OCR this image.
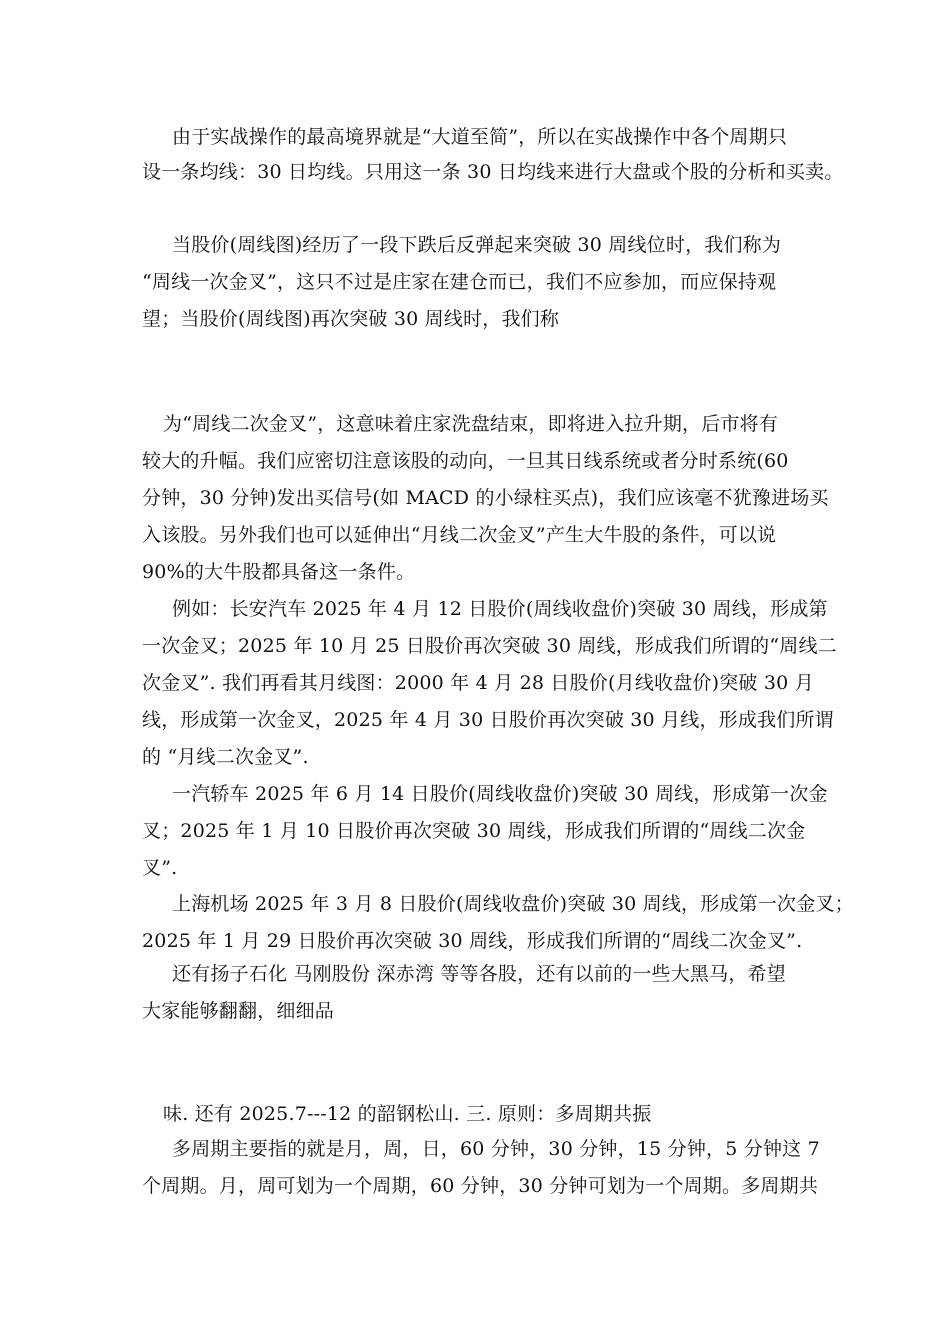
由于实战操作的最高境界就是“大道至简”，所以在实战操作中各个周期只
设一条均线：30 日均线。只用这一条 30 日均线来进行大盘或个股的分析和买卖。
当股价(周线图)经历了一段下跌后反弹起来突破 30 周线位时，我们称为
“周线一次金叉”，这只不过是庄家在建仓而已，我们不应参加，而应保持观
望；当股价(周线图)再次突破 30 周线时，我们称
为“周线二次金叉”，这意味着庄家洗盘结束，即将进入拉升期，后市将有
较大的升幅。我们应密切注意该股的动向，一旦其日线系统或者分时系统(60
分钟，30 分钟)发出买信号(如 MACD 的小绿柱买点)，我们应该毫不犹豫进场买
入该股。另外我们也可以延伸出“月线二次金叉”产生大牛股的条件，可以说
90%的大牛股都具备这一条件。
例如：长安汽车 2025 年 4 月 12 日股价(周线收盘价)突破 30 周线，形成第
一次金叉；2025 年 10 月 25 日股价再次突破 30 周线，形成我们所谓的“周线二
次金叉”. 我们再看其月线图：2000 年 4 月 28 日股价(月线收盘价)突破 30 月
线，形成第一次金叉，2025 年 4 月 30 日股价再次突破 30 月线，形成我们所谓
的 “月线二次金叉”.
一汽轿车 2025 年 6 月 14 日股价(周线收盘价)突破 30 周线，形成第一次金
叉；2025 年 1 月 10 日股价再次突破 30 周线，形成我们所谓的“周线二次金
叉”.
上海机场 2025 年 3 月 8 日股价(周线收盘价)突破 30 周线，形成第一次金叉；
2025 年 1 月 29 日股价再次突破 30 周线，形成我们所谓的“周线二次金叉”.
还有扬子石化 马刚股份 深赤湾 等等各股，还有以前的一些大黑马，希望
大家能够翻翻，细细品
味. 还有 2025.7---12 的韶钢松山. 三. 原则：多周期共振
多周期主要指的就是月，周，日，60 分钟，30 分钟，15 分钟，5 分钟这 7
个周期。月，周可划为一个周期，60 分钟，30 分钟可划为一个周期。多周期共
